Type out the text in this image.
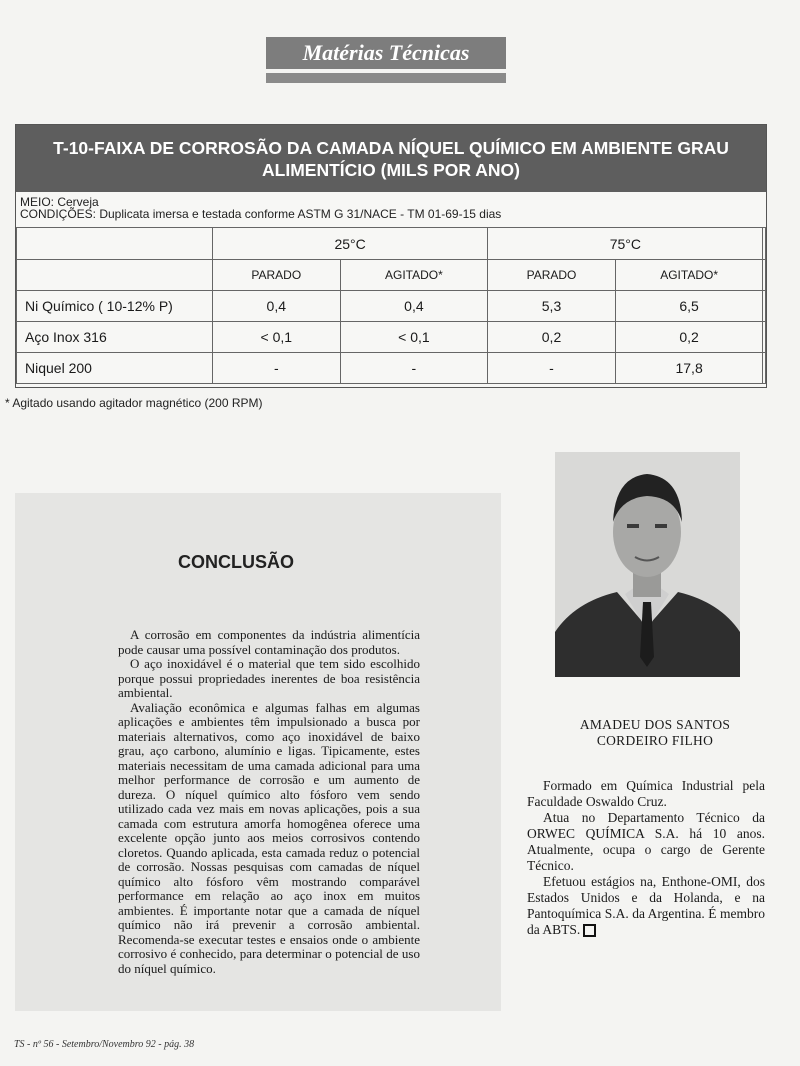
Matérias Técnicas
T-10-FAIXA DE CORROSÃO DA CAMADA NÍQUEL QUÍMICO EM AMBIENTE GRAU
ALIMENTÍCIO (MILS POR ANO)
MEIO: Cerveja
CONDIÇÕES: Duplicata imersa e testada conforme ASTM G 31/NACE - TM 01-69-15 dias
	25°C		75°C		
	PARADO	AGITADO*	PARADO	AGITADO*	
Ni Químico ( 10-12% P)	0,4	0,4	5,3	6,5	
Aço Inox 316	< 0,1	< 0,1	0,2	0,2	
Niquel 200	-	-	-	17,8	
* Agitado usando agitador magnético (200 RPM)
CONCLUSÃO

A corrosão em componentes da indústria alimentícia pode causar uma possível contaminação dos produtos.

O aço inoxidável é o material que tem sido escolhido porque possui propriedades inerentes de boa resistência ambiental.

Avaliação econômica e algumas falhas em algumas aplicações e ambientes têm impulsionado a busca por materiais alternativos, como aço inoxidável de baixo grau, aço carbono, alumínio e ligas. Tipicamente, estes materiais necessitam de uma camada adicional para uma melhor performance de corrosão e um aumento de dureza. O níquel químico alto fósforo vem sendo utilizado cada vez mais em novas aplicações, pois a sua camada com estrutura amorfa homogênea oferece uma excelente opção junto aos meios corrosivos contendo cloretos. Quando aplicada, esta camada reduz o potencial de corrosão. Nossas pesquisas com camadas de níquel químico alto fósforo vêm mostrando comparável performance em relação ao aço inox em muitos ambientes. É importante notar que a camada de níquel químico não irá prevenir a corrosão ambiental. Recomenda-se executar testes e ensaios onde o ambiente corrosivo é conhecido, para determinar o potencial de uso do níquel químico.

AMADEU DOS SANTOS
CORDEIRO FILHO

Formado em Química Industrial pela Faculdade Oswaldo Cruz.

Atua no Departamento Técnico da ORWEC QUÍMICA S.A. há 10 anos. Atualmente, ocupa o cargo de Gerente Técnico.

Efetuou estágios na, Enthone-OMI, dos Estados Unidos e da Holanda, e na Pantoquímica S.A. da Argentina. É membro da ABTS.

TS - nº 56 - Setembro/Novembro 92 - pág. 38
